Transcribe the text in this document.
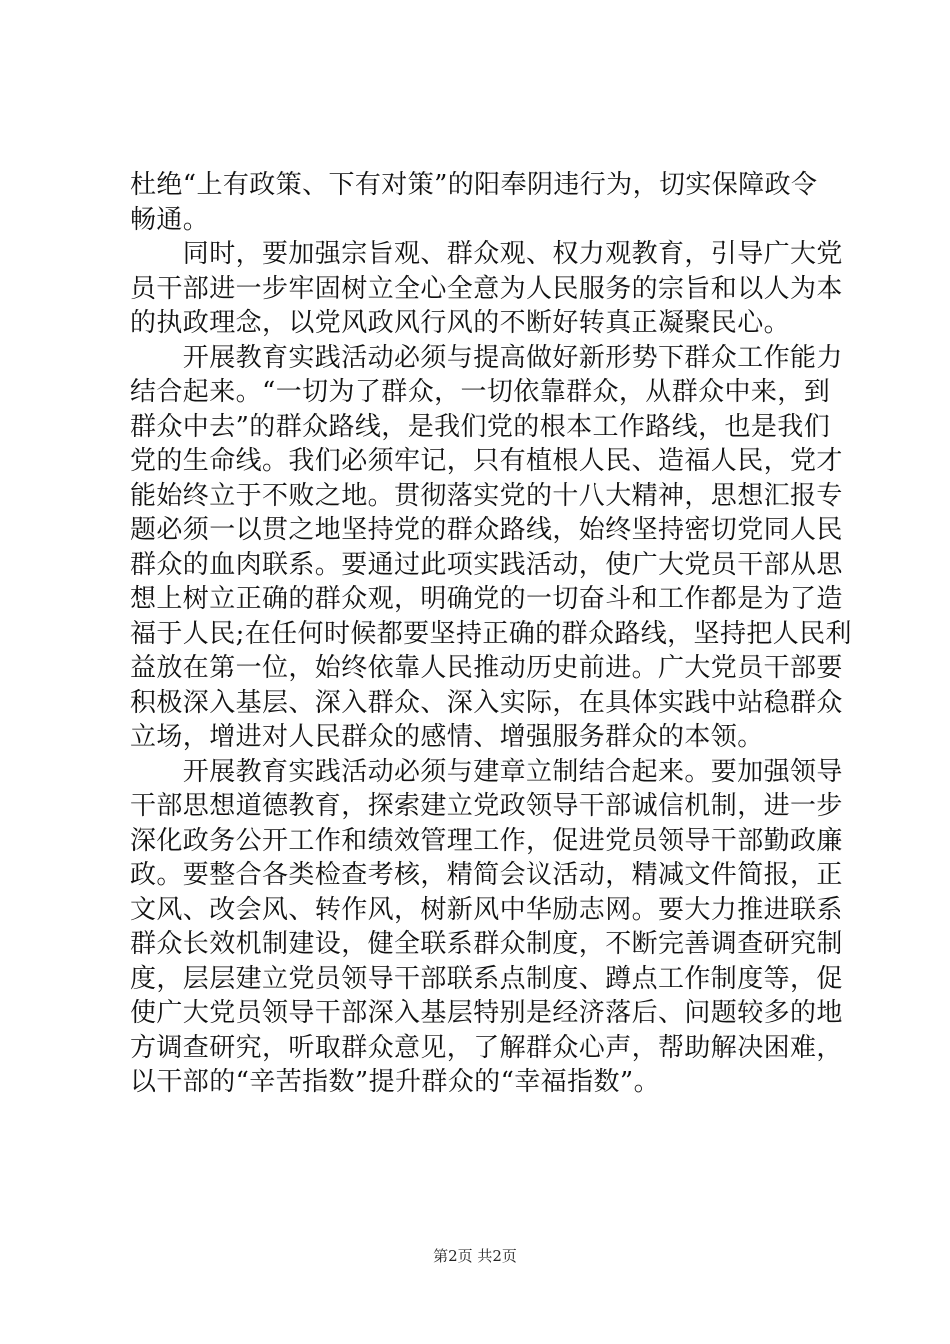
杜绝“上有政策、下有对策”的阳奉阴违行为，切实保障政令
畅通。
　　同时，要加强宗旨观、群众观、权力观教育，引导广大党
员干部进一步牢固树立全心全意为人民服务的宗旨和以人为本
的执政理念，以党风政风行风的不断好转真正凝聚民心。
　　开展教育实践活动必须与提高做好新形势下群众工作能力
结合起来。“一切为了群众，一切依靠群众，从群众中来，到
群众中去”的群众路线，是我们党的根本工作路线，也是我们
党的生命线。我们必须牢记，只有植根人民、造福人民，党才
能始终立于不败之地。贯彻落实党的十八大精神，思想汇报专
题必须一以贯之地坚持党的群众路线，始终坚持密切党同人民
群众的血肉联系。要通过此项实践活动，使广大党员干部从思
想上树立正确的群众观，明确党的一切奋斗和工作都是为了造
福于人民;在任何时候都要坚持正确的群众路线，坚持把人民利
益放在第一位，始终依靠人民推动历史前进。广大党员干部要
积极深入基层、深入群众、深入实际，在具体实践中站稳群众
立场，增进对人民群众的感情、增强服务群众的本领。
　　开展教育实践活动必须与建章立制结合起来。要加强领导
干部思想道德教育，探索建立党政领导干部诚信机制，进一步
深化政务公开工作和绩效管理工作，促进党员领导干部勤政廉
政。要整合各类检查考核，精简会议活动，精减文件简报，正
文风、改会风、转作风，树新风中华励志网。要大力推进联系
群众长效机制建设，健全联系群众制度，不断完善调查研究制
度，层层建立党员领导干部联系点制度、蹲点工作制度等，促
使广大党员领导干部深入基层特别是经济落后、问题较多的地
方调查研究，听取群众意见，了解群众心声，帮助解决困难，
以干部的“辛苦指数”提升群众的“幸福指数”。
第2页 共2页
